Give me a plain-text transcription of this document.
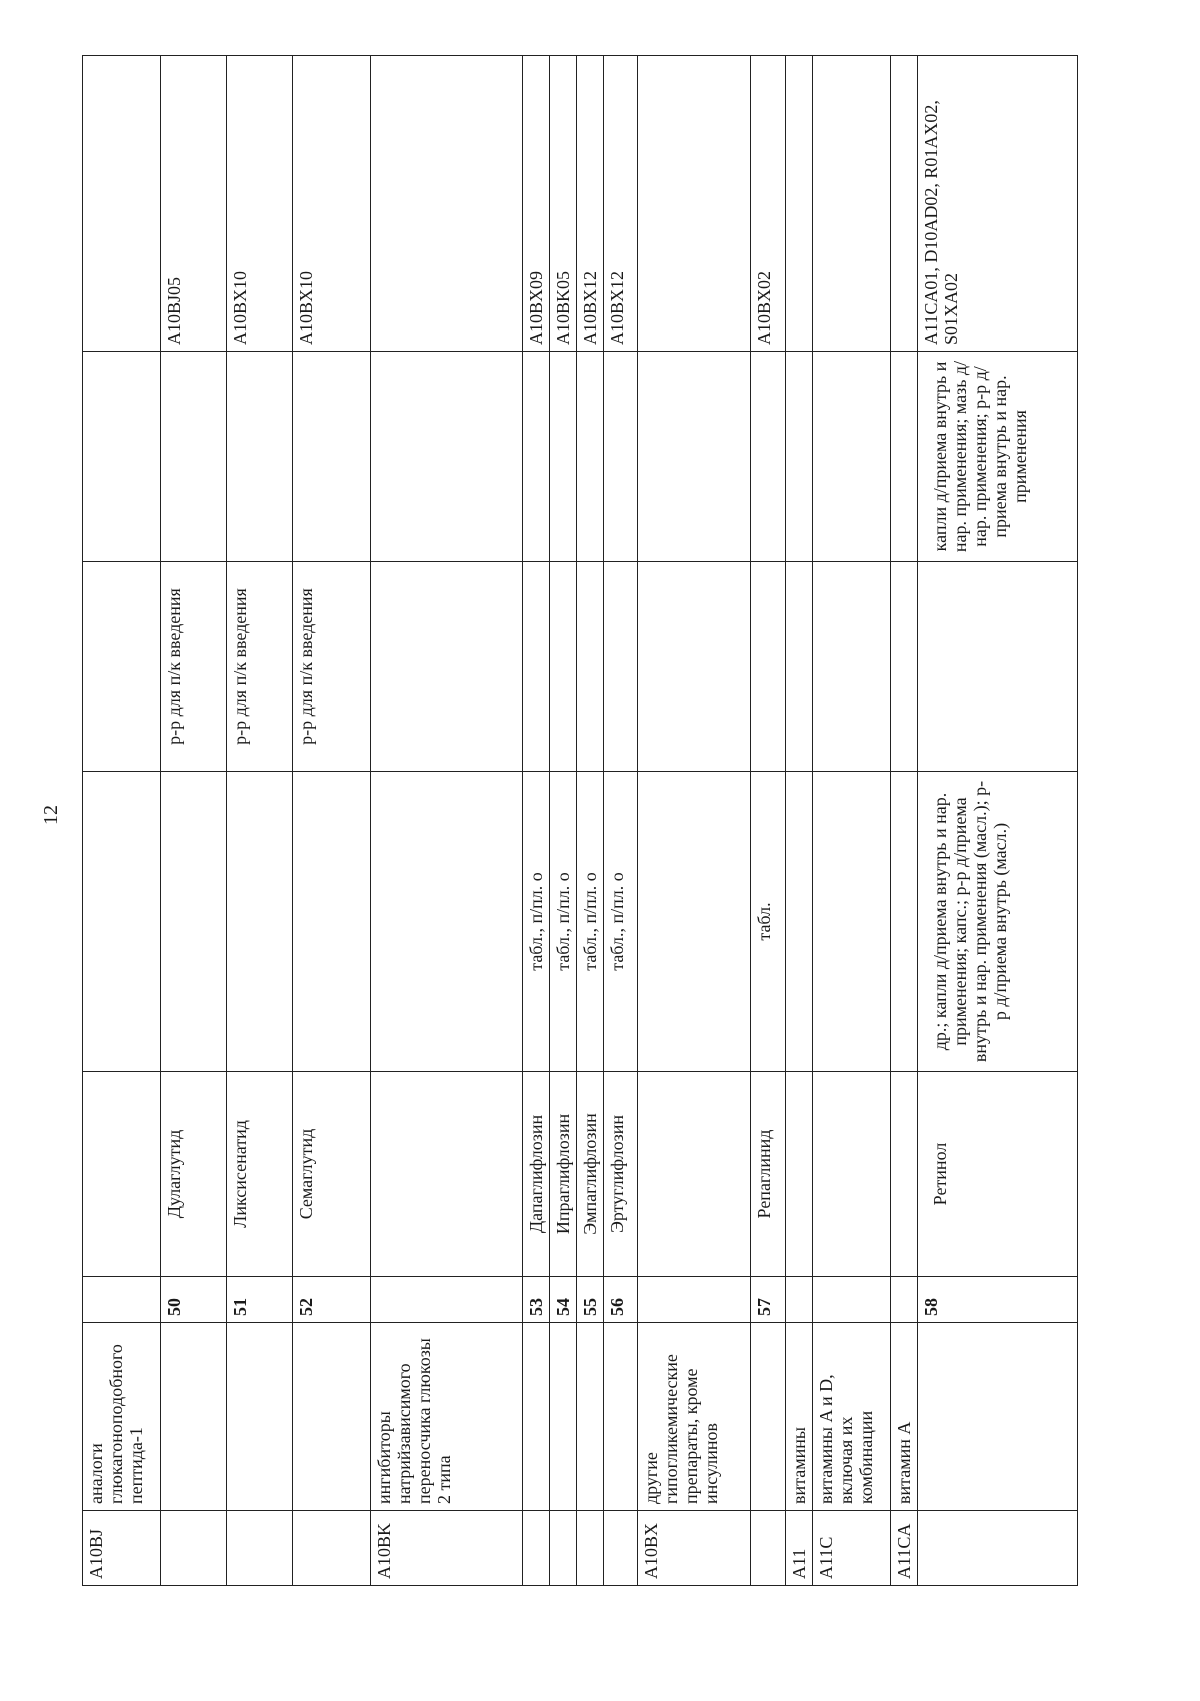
12
A10BJ	аналоги глюкагоноподобного пептида-1						
		50	Дулаглутид		р-р для п/к введения		A10BJ05
		51	Ликсисенатид		р-р для п/к введения		A10BX10
		52	Семаглутид		р-р для п/к введения		A10BX10
A10BK	ингибиторы натрийзависимого переносчика глюкозы 2 типа						
		53	Дапаглифлозин	табл., п/пл. о			A10BX09
		54	Ипраглифлозин	табл., п/пл. о			A10BK05
		55	Эмпаглифлозин	табл., п/пл. о			A10BX12
		56	Эртуглифлозин	табл., п/пл. о			A10BX12
A10BX	другие гипогликемические препараты, кроме инсулинов						
		57	Репаглинид	табл.			A10BX02
A11	витамины						
A11C	витамины A и D, включая их комбинации						
A11CA	витамин A						
		58	Ретинол	др.; капли д/приема внутрь и нар. применения; капс.; р-р д/приема внутрь и нар. применения (масл.); р-р д/приема внутрь (масл.)		капли д/приема внутрь и нар. применения; мазь д/нар. применения; р-р д/приема внутрь и нар. применения	A11CA01, D10AD02, R01AX02, S01XA02
